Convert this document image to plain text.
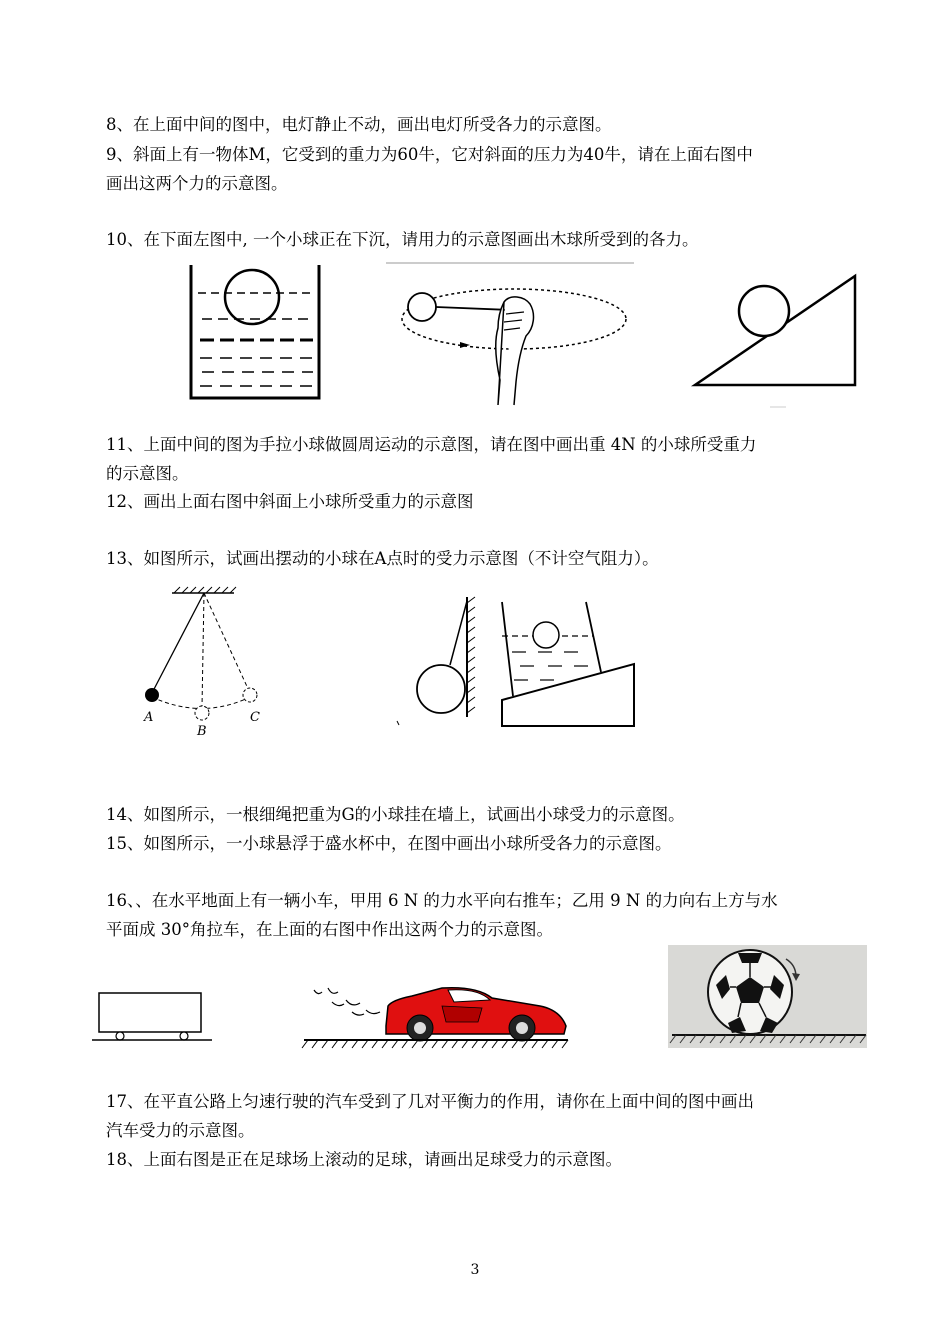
8、在上面中间的图中，电灯静止不动，画出电灯所受各力的示意图。
9、斜面上有一物体M，它受到的重力为60牛，它对斜面的压力为40牛，请在上面右图中
画出这两个力的示意图。
10、在下面左图中, 一个小球正在下沉，请用力的示意图画出木球所受到的各力。
11、上面中间的图为手拉小球做圆周运动的示意图，请在图中画出重 4N 的小球所受重力
的示意图。
12、画出上面右图中斜面上小球所受重力的示意图
13、如图所示，试画出摆动的小球在A点时的受力示意图（不计空气阻力）。
A
B
C
14、如图所示，一根细绳把重为G的小球挂在墙上，试画出小球受力的示意图。
15、如图所示，一小球悬浮于盛水杯中，在图中画出小球所受各力的示意图。
16、、在水平地面上有一辆小车，甲用 6 N 的力水平向右推车；乙用 9 N 的力向右上方与水
平面成 30°角拉车，在上面的右图中作出这两个力的示意图。
17、在平直公路上匀速行驶的汽车受到了几对平衡力的作用，请你在上面中间的图中画出
汽车受力的示意图。
18、上面右图是正在足球场上滚动的足球，请画出足球受力的示意图。
3
